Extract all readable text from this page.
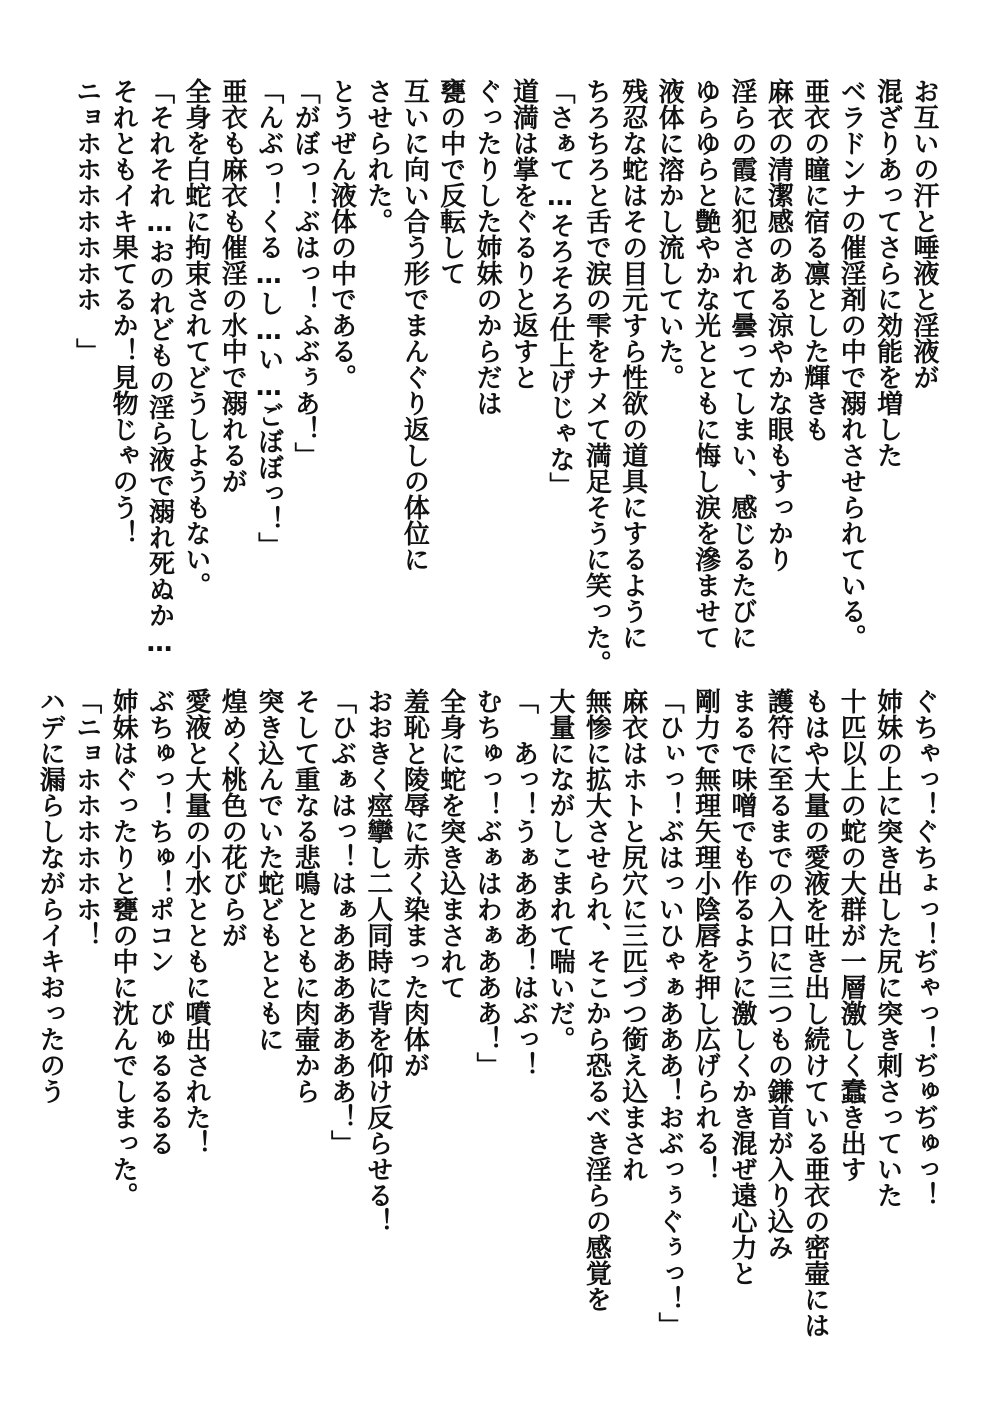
お互いの汗と唾液と淫液が
混ざりあってさらに効能を増した
ベラドンナの催淫剤の中で溺れさせられている。
亜衣の瞳に宿る凛とした輝きも
麻衣の清潔感のある涼やかな眼もすっかり
淫らの霞に犯されて曇ってしまい、感じるたびに
ゆらゆらと艶やかな光とともに悔し涙を滲ませて
液体に溶かし流していた。
残忍な蛇はその目元すら性欲の道具にするように
ちろちろと舌で涙の雫をナメて満足そうに笑った。
「さぁて…そろそろ仕上げじゃな」
道満は掌をぐるりと返すと
ぐったりした姉妹のからだは
甕の中で反転して
互いに向い合う形でまんぐり返しの体位に
させられた。
とうぜん液体の中である。
「がぼっ！ぶはっ！ふぶぅあ！」
「んぶっ！くる…し…い…ごぼぼっ！」
亜衣も麻衣も催淫の水中で溺れるが
全身を白蛇に拘束されてどうしようもない。
「それそれ…おのれどもの淫ら液で溺れ死ぬか…
それともイキ果てるか！見物じゃのう！
ニョホホホホホホホ　」
ぐちゃっ！ぐちょっ！ぢゃっ！ぢゅぢゅっ！
姉妹の上に突き出した尻に突き刺さっていた
十匹以上の蛇の大群が一層激しく蠢き出す
もはや大量の愛液を吐き出し続けている亜衣の密壷には
護符に至るまでの入口に三つもの鎌首が入り込み
まるで味噌でも作るように激しくかき混ぜ遠心力と
剛力で無理矢理小陰唇を押し広げられる！
「ひぃっ！ぶはっいひゃぁあああ！おぶっぅぐぅっ！」
麻衣はホトと尻穴に三匹づつ銜え込まされ
無惨に拡大させられ、そこから恐るべき淫らの感覚を
大量にながしこまれて喘いだ。
「　あっ！うぁあああ！はぶっ！
むちゅっ！ぶぁはわぁあああ！」
全身に蛇を突き込まされて
羞恥と陵辱に赤く染まった肉体が
おおきく痙攣し二人同時に背を仰け反らせる！
「ひぶぁはっ！はぁあああああああ！」
そして重なる悲鳴とともに肉壷から
突き込んでいた蛇どもとともに
煌めく桃色の花びらが
愛液と大量の小水とともに噴出された！
ぶちゅっ！ちゅ！ポコン　びゅるるるる
姉妹はぐったりと甕の中に沈んでしまった。
「ニョホホホホホホ！
ハデに漏らしながらイキおったのう
